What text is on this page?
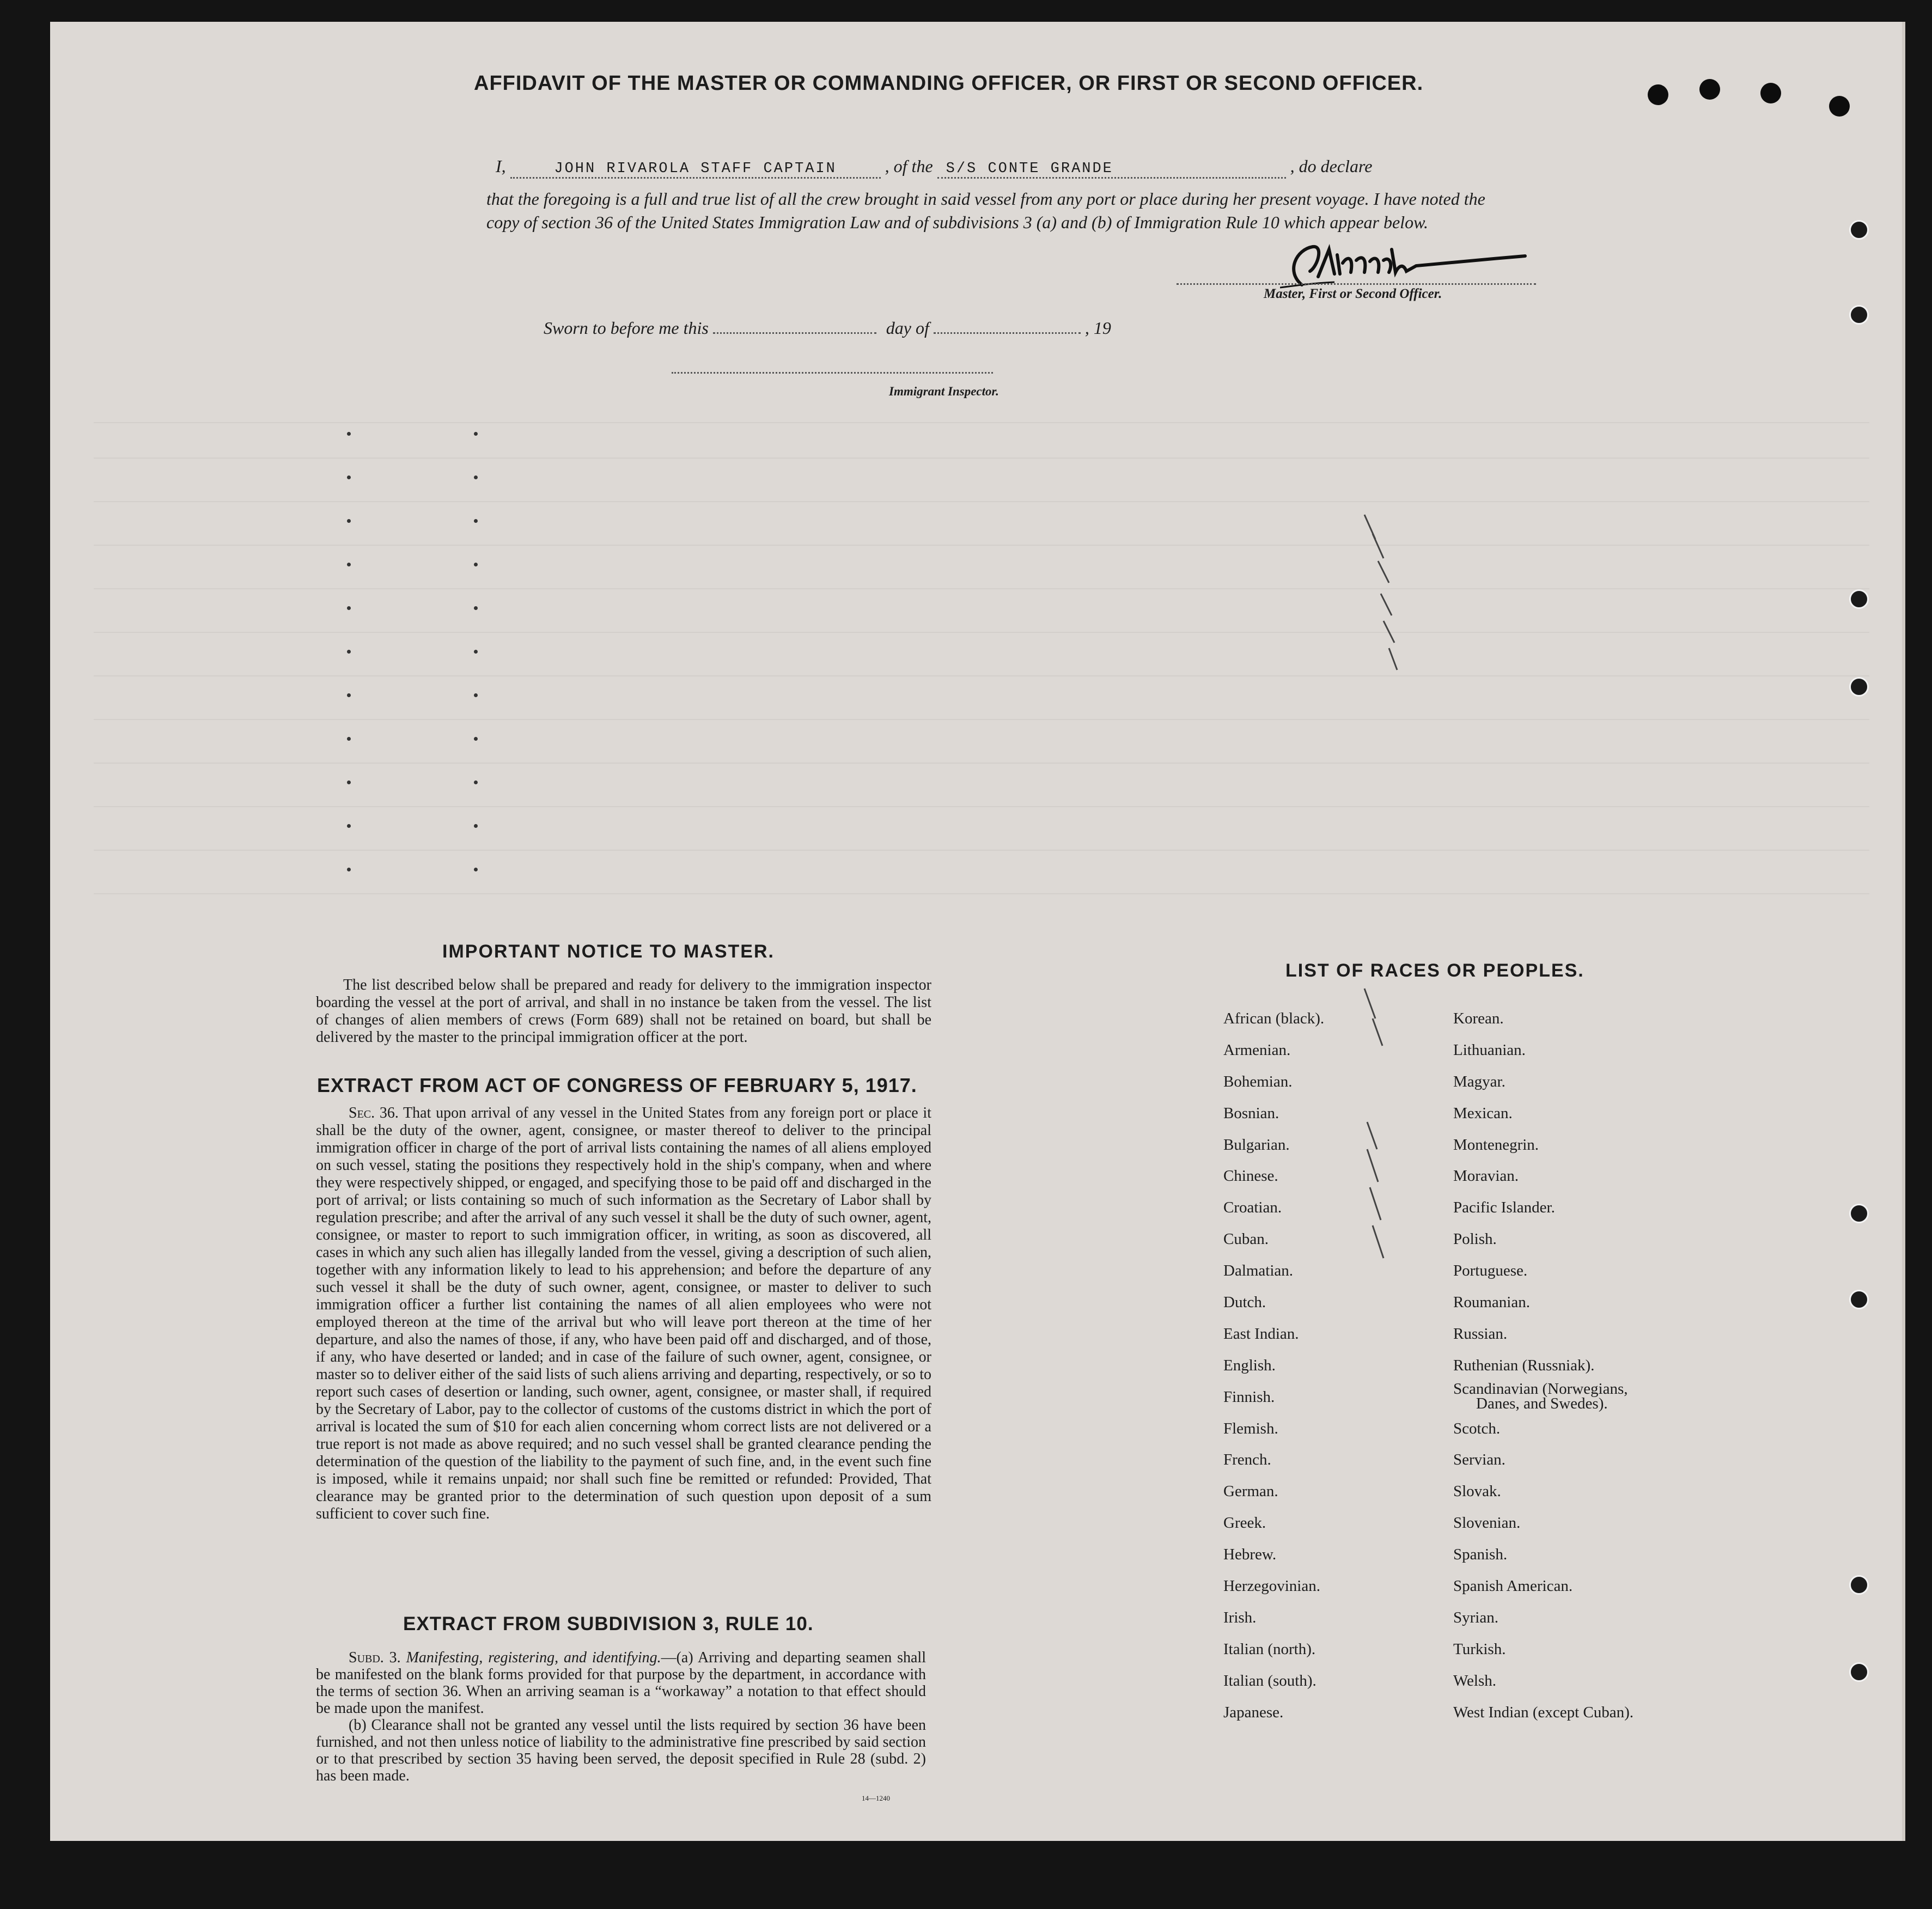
AFFIDAVIT OF THE MASTER OR COMMANDING OFFICER, OR FIRST OR SECOND OFFICER.
I,	JOHN RIVAROLA STAFF CAPTAIN	, of the S/S CONTE GRANDE	, do declare
that the foregoing is a full and true list of all the crew brought in said vessel from any port or place during her present voyage. I have noted the copy of section 36 of the United States Immigration Law and of subdivisions 3 (a) and (b) of Immigration Rule 10 which appear below.
Master, First or Second Officer.
Sworn to before me this	day of	, 19
Immigrant Inspector.
IMPORTANT NOTICE TO MASTER.
The list described below shall be prepared and ready for delivery to the immigration inspector boarding the vessel at the port of arrival, and shall in no instance be taken from the vessel. The list of changes of alien members of crews (Form 689) shall not be retained on board, but shall be delivered by the master to the principal immigration officer at the port.
EXTRACT FROM ACT OF CONGRESS OF FEBRUARY 5, 1917.
Sec. 36. That upon arrival of any vessel in the United States from any foreign port or place it shall be the duty of the owner, agent, consignee, or master thereof to deliver to the principal immigration officer in charge of the port of arrival lists containing the names of all aliens employed on such vessel, stating the positions they respectively hold in the ship's company, when and where they were respectively shipped, or engaged, and specifying those to be paid off and discharged in the port of arrival; or lists containing so much of such information as the Secretary of Labor shall by regulation prescribe; and after the arrival of any such vessel it shall be the duty of such owner, agent, consignee, or master to report to such immigration officer, in writing, as soon as discovered, all cases in which any such alien has illegally landed from the vessel, giving a description of such alien, together with any information likely to lead to his apprehension; and before the departure of any such vessel it shall be the duty of such owner, agent, consignee, or master to deliver to such immigration officer a further list containing the names of all alien employees who were not employed thereon at the time of the arrival but who will leave port thereon at the time of her departure, and also the names of those, if any, who have been paid off and discharged, and of those, if any, who have deserted or landed; and in case of the failure of such owner, agent, consignee, or master so to deliver either of the said lists of such aliens arriving and departing, respectively, or so to report such cases of desertion or landing, such owner, agent, consignee, or master shall, if required by the Secretary of Labor, pay to the collector of customs of the customs district in which the port of arrival is located the sum of $10 for each alien concerning whom correct lists are not delivered or a true report is not made as above required; and no such vessel shall be granted clearance pending the determination of the question of the liability to the payment of such fine, and, in the event such fine is imposed, while it remains unpaid; nor shall such fine be remitted or refunded: Provided, That clearance may be granted prior to the determination of such question upon deposit of a sum sufficient to cover such fine.
EXTRACT FROM SUBDIVISION 3, RULE 10.

Subd. 3. Manifesting, registering, and identifying.—(a) Arriving and departing seamen shall be manifested on the blank forms provided for that purpose by the department, in accordance with the terms of section 36. When an arriving seaman is a “workaway” a notation to that effect should be made upon the manifest.

(b) Clearance shall not be granted any vessel until the lists required by section 36 have been furnished, and not then unless notice of liability to the administrative fine prescribed by said section or to that prescribed by section 35 having been served, the deposit specified in Rule 28 (subd. 2) has been made.

14—1240
LIST OF RACES OR PEOPLES.
African (black).
Armenian.
Bohemian.
Bosnian.
Bulgarian.
Chinese.
Croatian.
Cuban.
Dalmatian.
Dutch.
East Indian.
English.
Finnish.
Flemish.
French.
German.
Greek.
Hebrew.
Herzegovinian.
Irish.
Italian (north).
Italian (south).
Japanese.
Korean.
Lithuanian.
Magyar.
Mexican.
Montenegrin.
Moravian.
Pacific Islander.
Polish.
Portuguese.
Roumanian.
Russian.
Ruthenian (Russniak).
Scandinavian (Norwegians,
Danes, and Swedes).
Scotch.
Servian.
Slovak.
Slovenian.
Spanish.
Spanish American.
Syrian.
Turkish.
Welsh.
West Indian (except Cuban).
